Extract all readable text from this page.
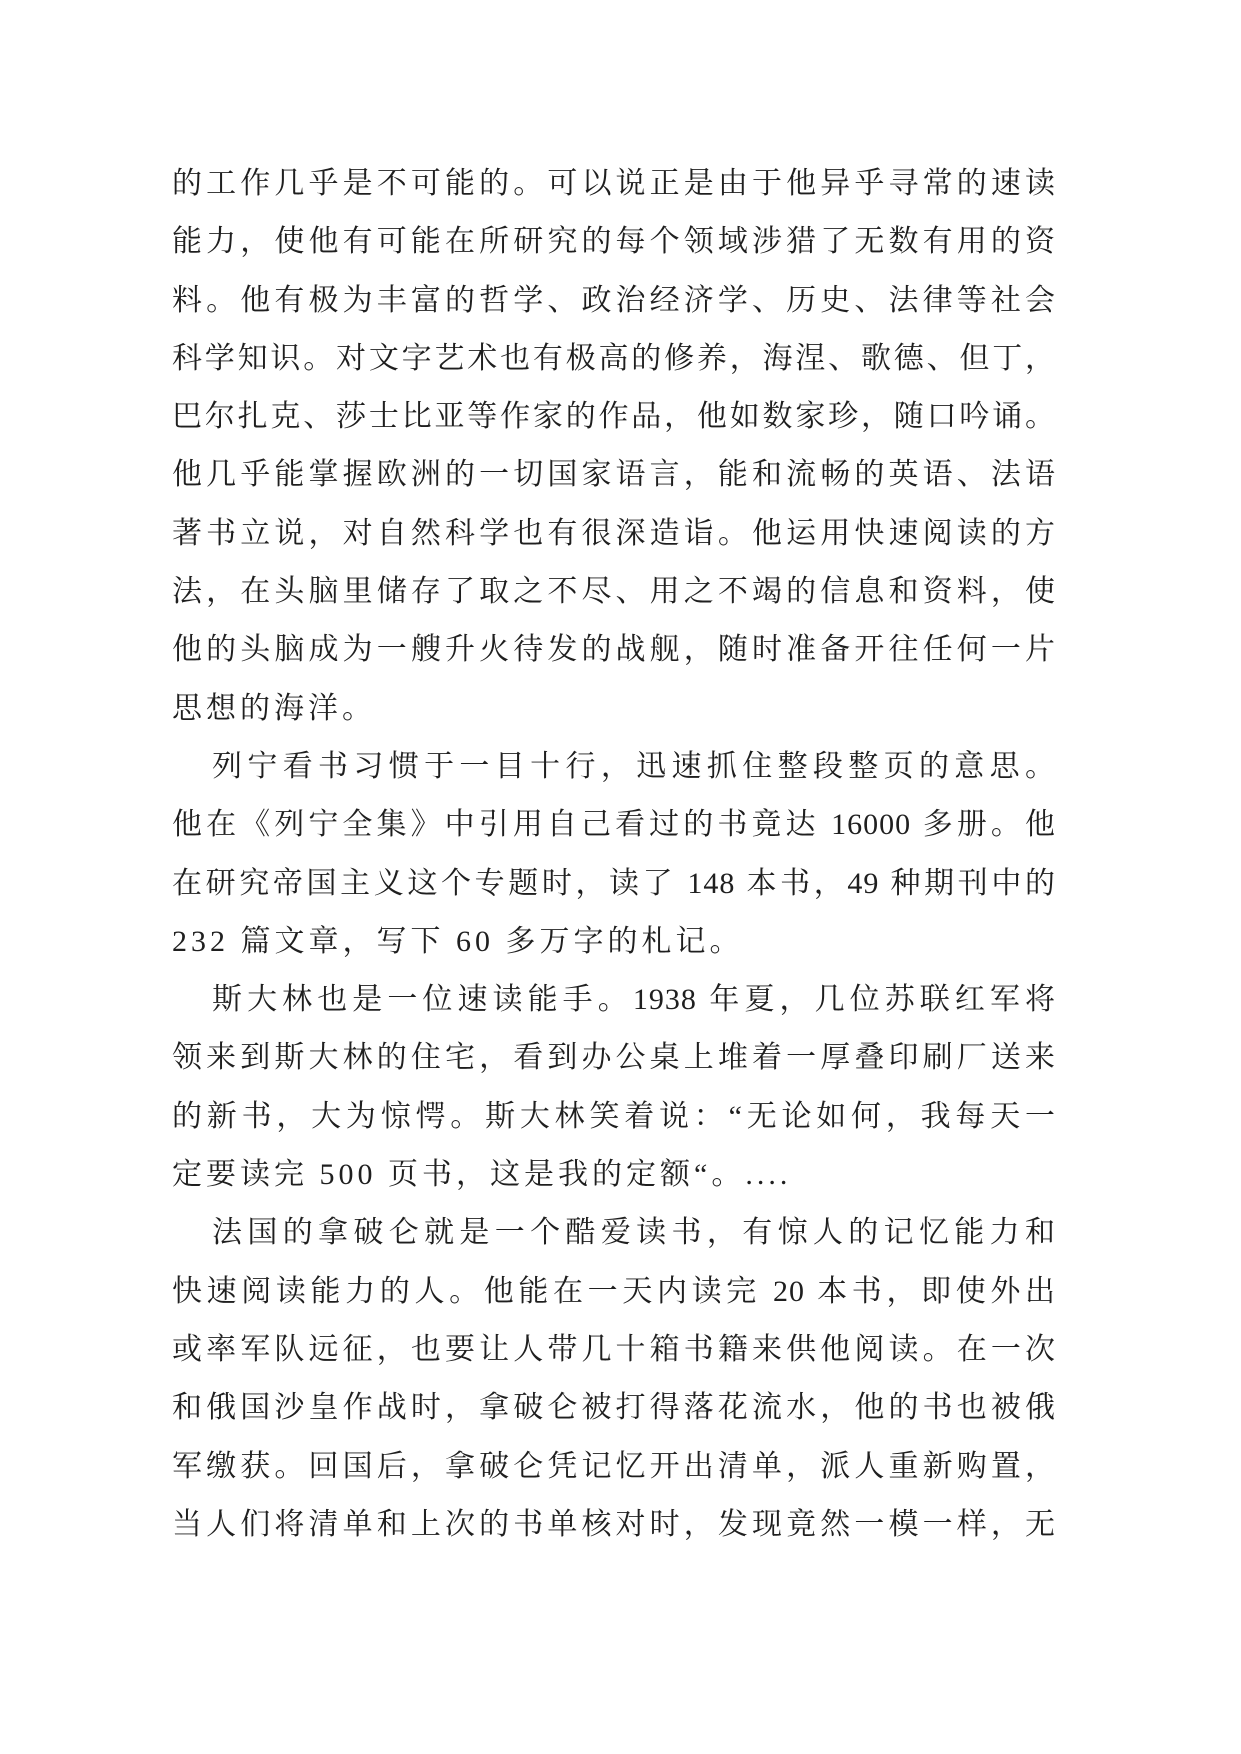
的工作几乎是不可能的。可以说正是由于他异乎寻常的速读
能力，使他有可能在所研究的每个领域涉猎了无数有用的资
料。他有极为丰富的哲学、政治经济学、历史、法律等社会
科学知识。对文字艺术也有极高的修养，海涅、歌德、但丁，
巴尔扎克、莎士比亚等作家的作品，他如数家珍，随口吟诵。
他几乎能掌握欧洲的一切国家语言，能和流畅的英语、法语
著书立说，对自然科学也有很深造诣。他运用快速阅读的方
法，在头脑里储存了取之不尽、用之不竭的信息和资料，使
他的头脑成为一艘升火待发的战舰，随时准备开往任何一片
思想的海洋。
列宁看书习惯于一目十行，迅速抓住整段整页的意思。
他在《列宁全集》中引用自己看过的书竟达 16000 多册。他
在研究帝国主义这个专题时，读了 148 本书，49 种期刊中的
232 篇文章，写下 60 多万字的札记。
斯大林也是一位速读能手。1938 年夏，几位苏联红军将
领来到斯大林的住宅，看到办公桌上堆着一厚叠印刷厂送来
的新书，大为惊愕。斯大林笑着说：“无论如何，我每天一
定要读完 500 页书，这是我的定额“。....
法国的拿破仑就是一个酷爱读书，有惊人的记忆能力和
快速阅读能力的人。他能在一天内读完 20 本书，即使外出
或率军队远征，也要让人带几十箱书籍来供他阅读。在一次
和俄国沙皇作战时，拿破仑被打得落花流水，他的书也被俄
军缴获。回国后，拿破仑凭记忆开出清单，派人重新购置，
当人们将清单和上次的书单核对时，发现竟然一模一样，无
